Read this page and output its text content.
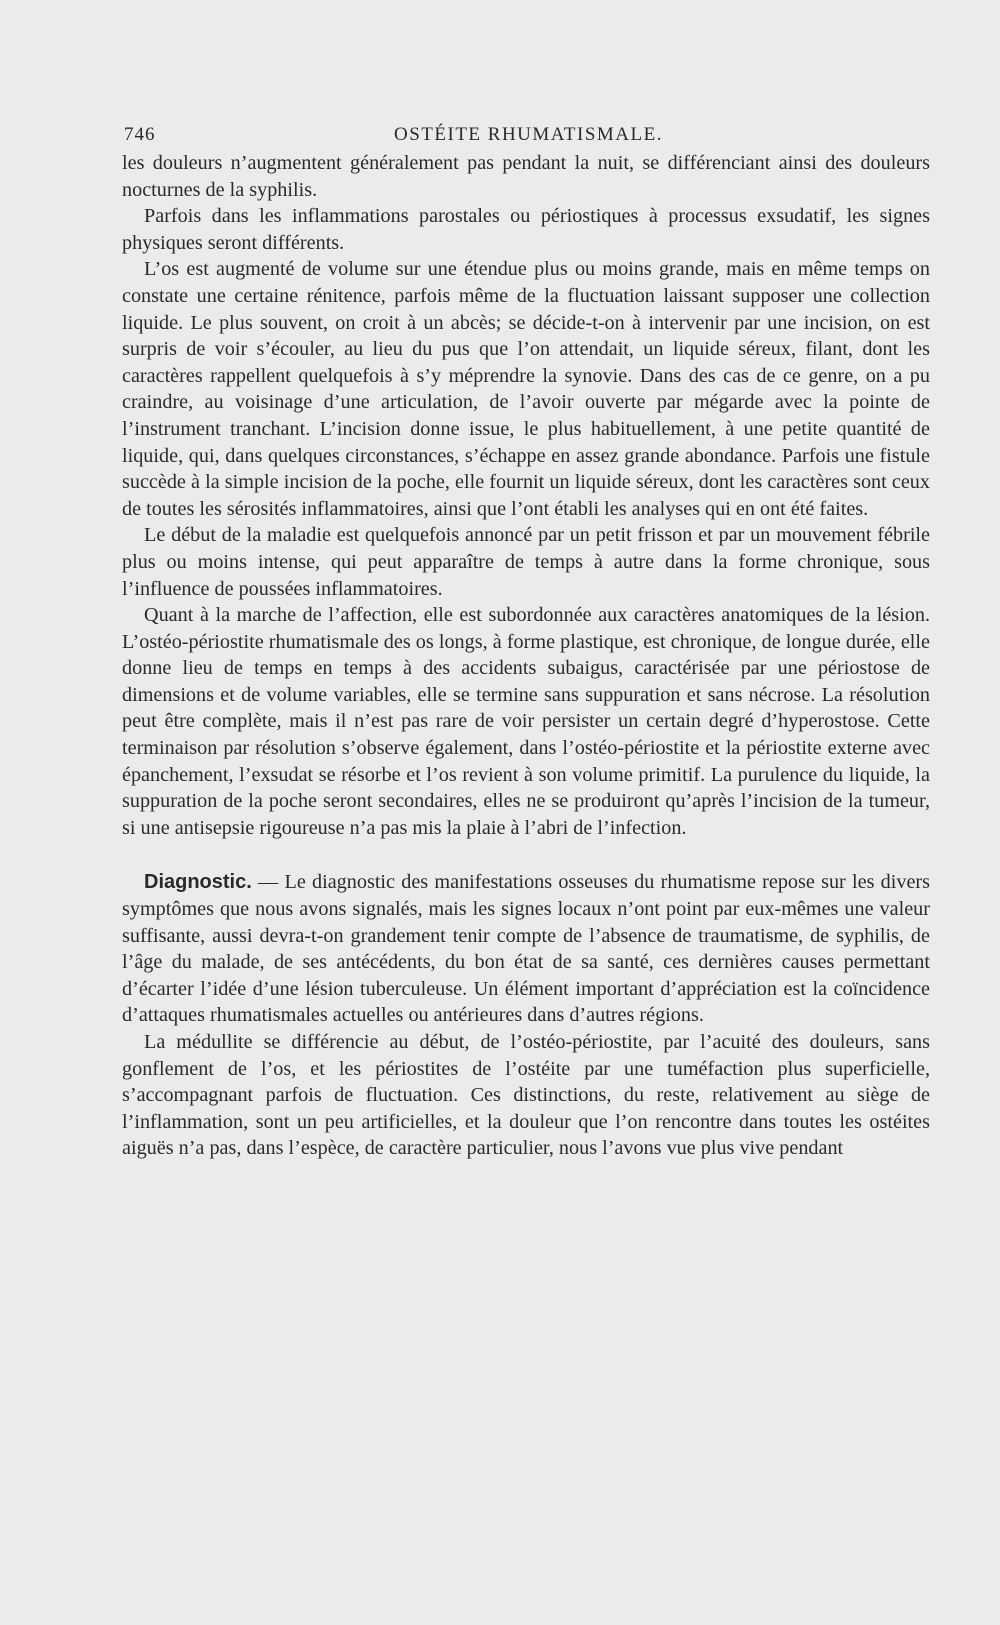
746	OSTÉITE RHUMATISMALE.

les douleurs n’augmentent généralement pas pendant la nuit, se différenciant ainsi des douleurs nocturnes de la syphilis.

Parfois dans les inflammations parostales ou périostiques à processus exsudatif, les signes physiques seront différents.

L’os est augmenté de volume sur une étendue plus ou moins grande, mais en même temps on constate une certaine rénitence, parfois même de la fluctuation laissant supposer une collection liquide. Le plus souvent, on croit à un abcès; se décide-t-on à intervenir par une incision, on est surpris de voir s’écouler, au lieu du pus que l’on attendait, un liquide séreux, filant, dont les caractères rappellent quelquefois à s’y méprendre la synovie. Dans des cas de ce genre, on a pu craindre, au voisinage d’une articulation, de l’avoir ouverte par mégarde avec la pointe de l’instrument tranchant. L’incision donne issue, le plus habituellement, à une petite quantité de liquide, qui, dans quelques circonstances, s’échappe en assez grande abondance. Parfois une fistule succède à la simple incision de la poche, elle fournit un liquide séreux, dont les caractères sont ceux de toutes les sérosités inflammatoires, ainsi que l’ont établi les analyses qui en ont été faites.

Le début de la maladie est quelquefois annoncé par un petit frisson et par un mouvement fébrile plus ou moins intense, qui peut apparaître de temps à autre dans la forme chronique, sous l’influence de poussées inflammatoires.

Quant à la marche de l’affection, elle est subordonnée aux caractères anatomiques de la lésion. L’ostéo-périostite rhumatismale des os longs, à forme plastique, est chronique, de longue durée, elle donne lieu de temps en temps à des accidents subaigus, caractérisée par une périostose de dimensions et de volume variables, elle se termine sans suppuration et sans nécrose. La résolution peut être complète, mais il n’est pas rare de voir persister un certain degré d’hyperostose. Cette terminaison par résolution s’observe également, dans l’ostéo-périostite et la périostite externe avec épanchement, l’exsudat se résorbe et l’os revient à son volume primitif. La purulence du liquide, la suppuration de la poche seront secondaires, elles ne se produiront qu’après l’incision de la tumeur, si une antisepsie rigoureuse n’a pas mis la plaie à l’abri de l’infection.

Diagnostic. — Le diagnostic des manifestations osseuses du rhumatisme repose sur les divers symptômes que nous avons signalés, mais les signes locaux n’ont point par eux-mêmes une valeur suffisante, aussi devra-t-on grandement tenir compte de l’absence de traumatisme, de syphilis, de l’âge du malade, de ses antécédents, du bon état de sa santé, ces dernières causes permettant d’écarter l’idée d’une lésion tuberculeuse. Un élément important d’appréciation est la coïncidence d’attaques rhumatismales actuelles ou antérieures dans d’autres régions.

La médullite se différencie au début, de l’ostéo-périostite, par l’acuité des douleurs, sans gonflement de l’os, et les périostites de l’ostéite par une tuméfaction plus superficielle, s’accompagnant parfois de fluctuation. Ces distinctions, du reste, relativement au siège de l’inflammation, sont un peu artificielles, et la douleur que l’on rencontre dans toutes les ostéites aiguës n’a pas, dans l’espèce, de caractère particulier, nous l’avons vue plus vive pendant
